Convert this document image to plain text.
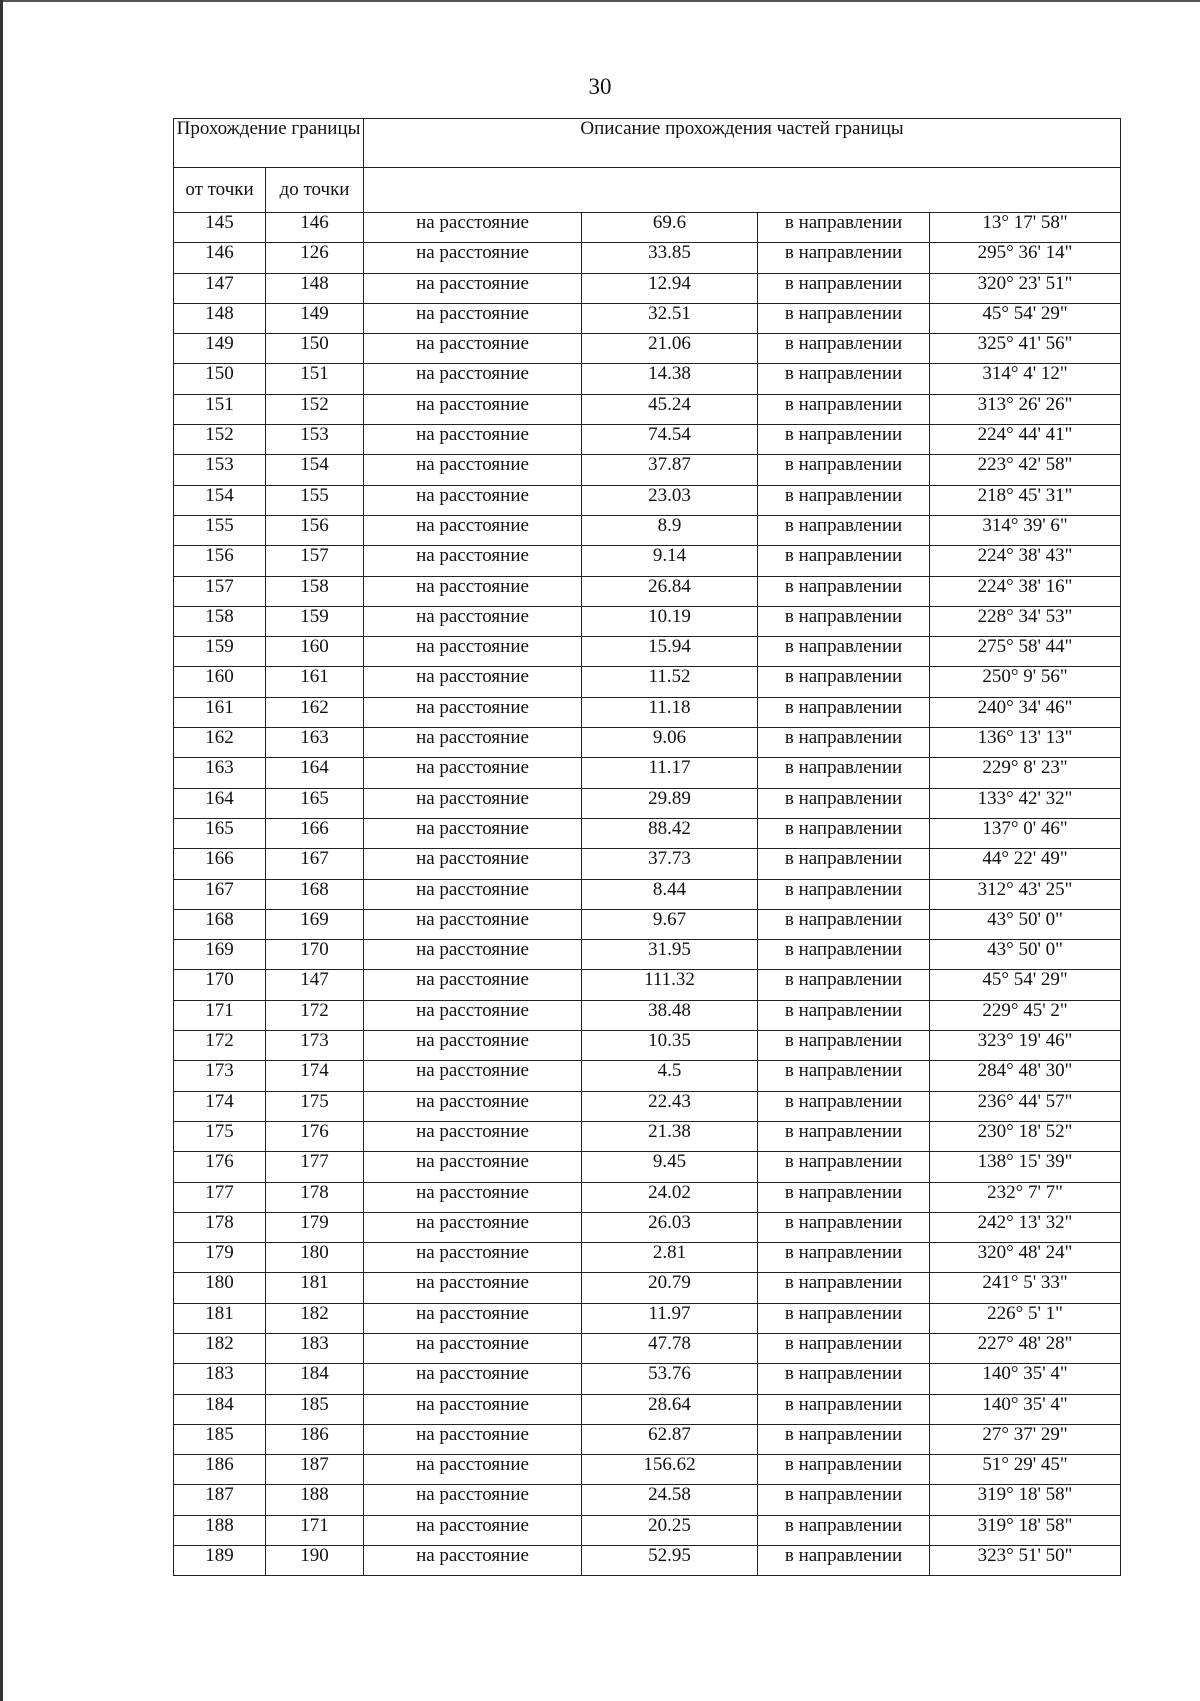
30
Прохождение границы		Описание прохождения частей границы			
от точки	до точки				
145	146	на расстояние	69.6	в направлении	13° 17' 58"
146	126	на расстояние	33.85	в направлении	295° 36' 14"
147	148	на расстояние	12.94	в направлении	320° 23' 51"
148	149	на расстояние	32.51	в направлении	45° 54' 29"
149	150	на расстояние	21.06	в направлении	325° 41' 56"
150	151	на расстояние	14.38	в направлении	314° 4' 12"
151	152	на расстояние	45.24	в направлении	313° 26' 26"
152	153	на расстояние	74.54	в направлении	224° 44' 41"
153	154	на расстояние	37.87	в направлении	223° 42' 58"
154	155	на расстояние	23.03	в направлении	218° 45' 31"
155	156	на расстояние	8.9	в направлении	314° 39' 6"
156	157	на расстояние	9.14	в направлении	224° 38' 43"
157	158	на расстояние	26.84	в направлении	224° 38' 16"
158	159	на расстояние	10.19	в направлении	228° 34' 53"
159	160	на расстояние	15.94	в направлении	275° 58' 44"
160	161	на расстояние	11.52	в направлении	250° 9' 56"
161	162	на расстояние	11.18	в направлении	240° 34' 46"
162	163	на расстояние	9.06	в направлении	136° 13' 13"
163	164	на расстояние	11.17	в направлении	229° 8' 23"
164	165	на расстояние	29.89	в направлении	133° 42' 32"
165	166	на расстояние	88.42	в направлении	137° 0' 46"
166	167	на расстояние	37.73	в направлении	44° 22' 49"
167	168	на расстояние	8.44	в направлении	312° 43' 25"
168	169	на расстояние	9.67	в направлении	43° 50' 0"
169	170	на расстояние	31.95	в направлении	43° 50' 0"
170	147	на расстояние	111.32	в направлении	45° 54' 29"
171	172	на расстояние	38.48	в направлении	229° 45' 2"
172	173	на расстояние	10.35	в направлении	323° 19' 46"
173	174	на расстояние	4.5	в направлении	284° 48' 30"
174	175	на расстояние	22.43	в направлении	236° 44' 57"
175	176	на расстояние	21.38	в направлении	230° 18' 52"
176	177	на расстояние	9.45	в направлении	138° 15' 39"
177	178	на расстояние	24.02	в направлении	232° 7' 7"
178	179	на расстояние	26.03	в направлении	242° 13' 32"
179	180	на расстояние	2.81	в направлении	320° 48' 24"
180	181	на расстояние	20.79	в направлении	241° 5' 33"
181	182	на расстояние	11.97	в направлении	226° 5' 1"
182	183	на расстояние	47.78	в направлении	227° 48' 28"
183	184	на расстояние	53.76	в направлении	140° 35' 4"
184	185	на расстояние	28.64	в направлении	140° 35' 4"
185	186	на расстояние	62.87	в направлении	27° 37' 29"
186	187	на расстояние	156.62	в направлении	51° 29' 45"
187	188	на расстояние	24.58	в направлении	319° 18' 58"
188	171	на расстояние	20.25	в направлении	319° 18' 58"
189	190	на расстояние	52.95	в направлении	323° 51' 50"
